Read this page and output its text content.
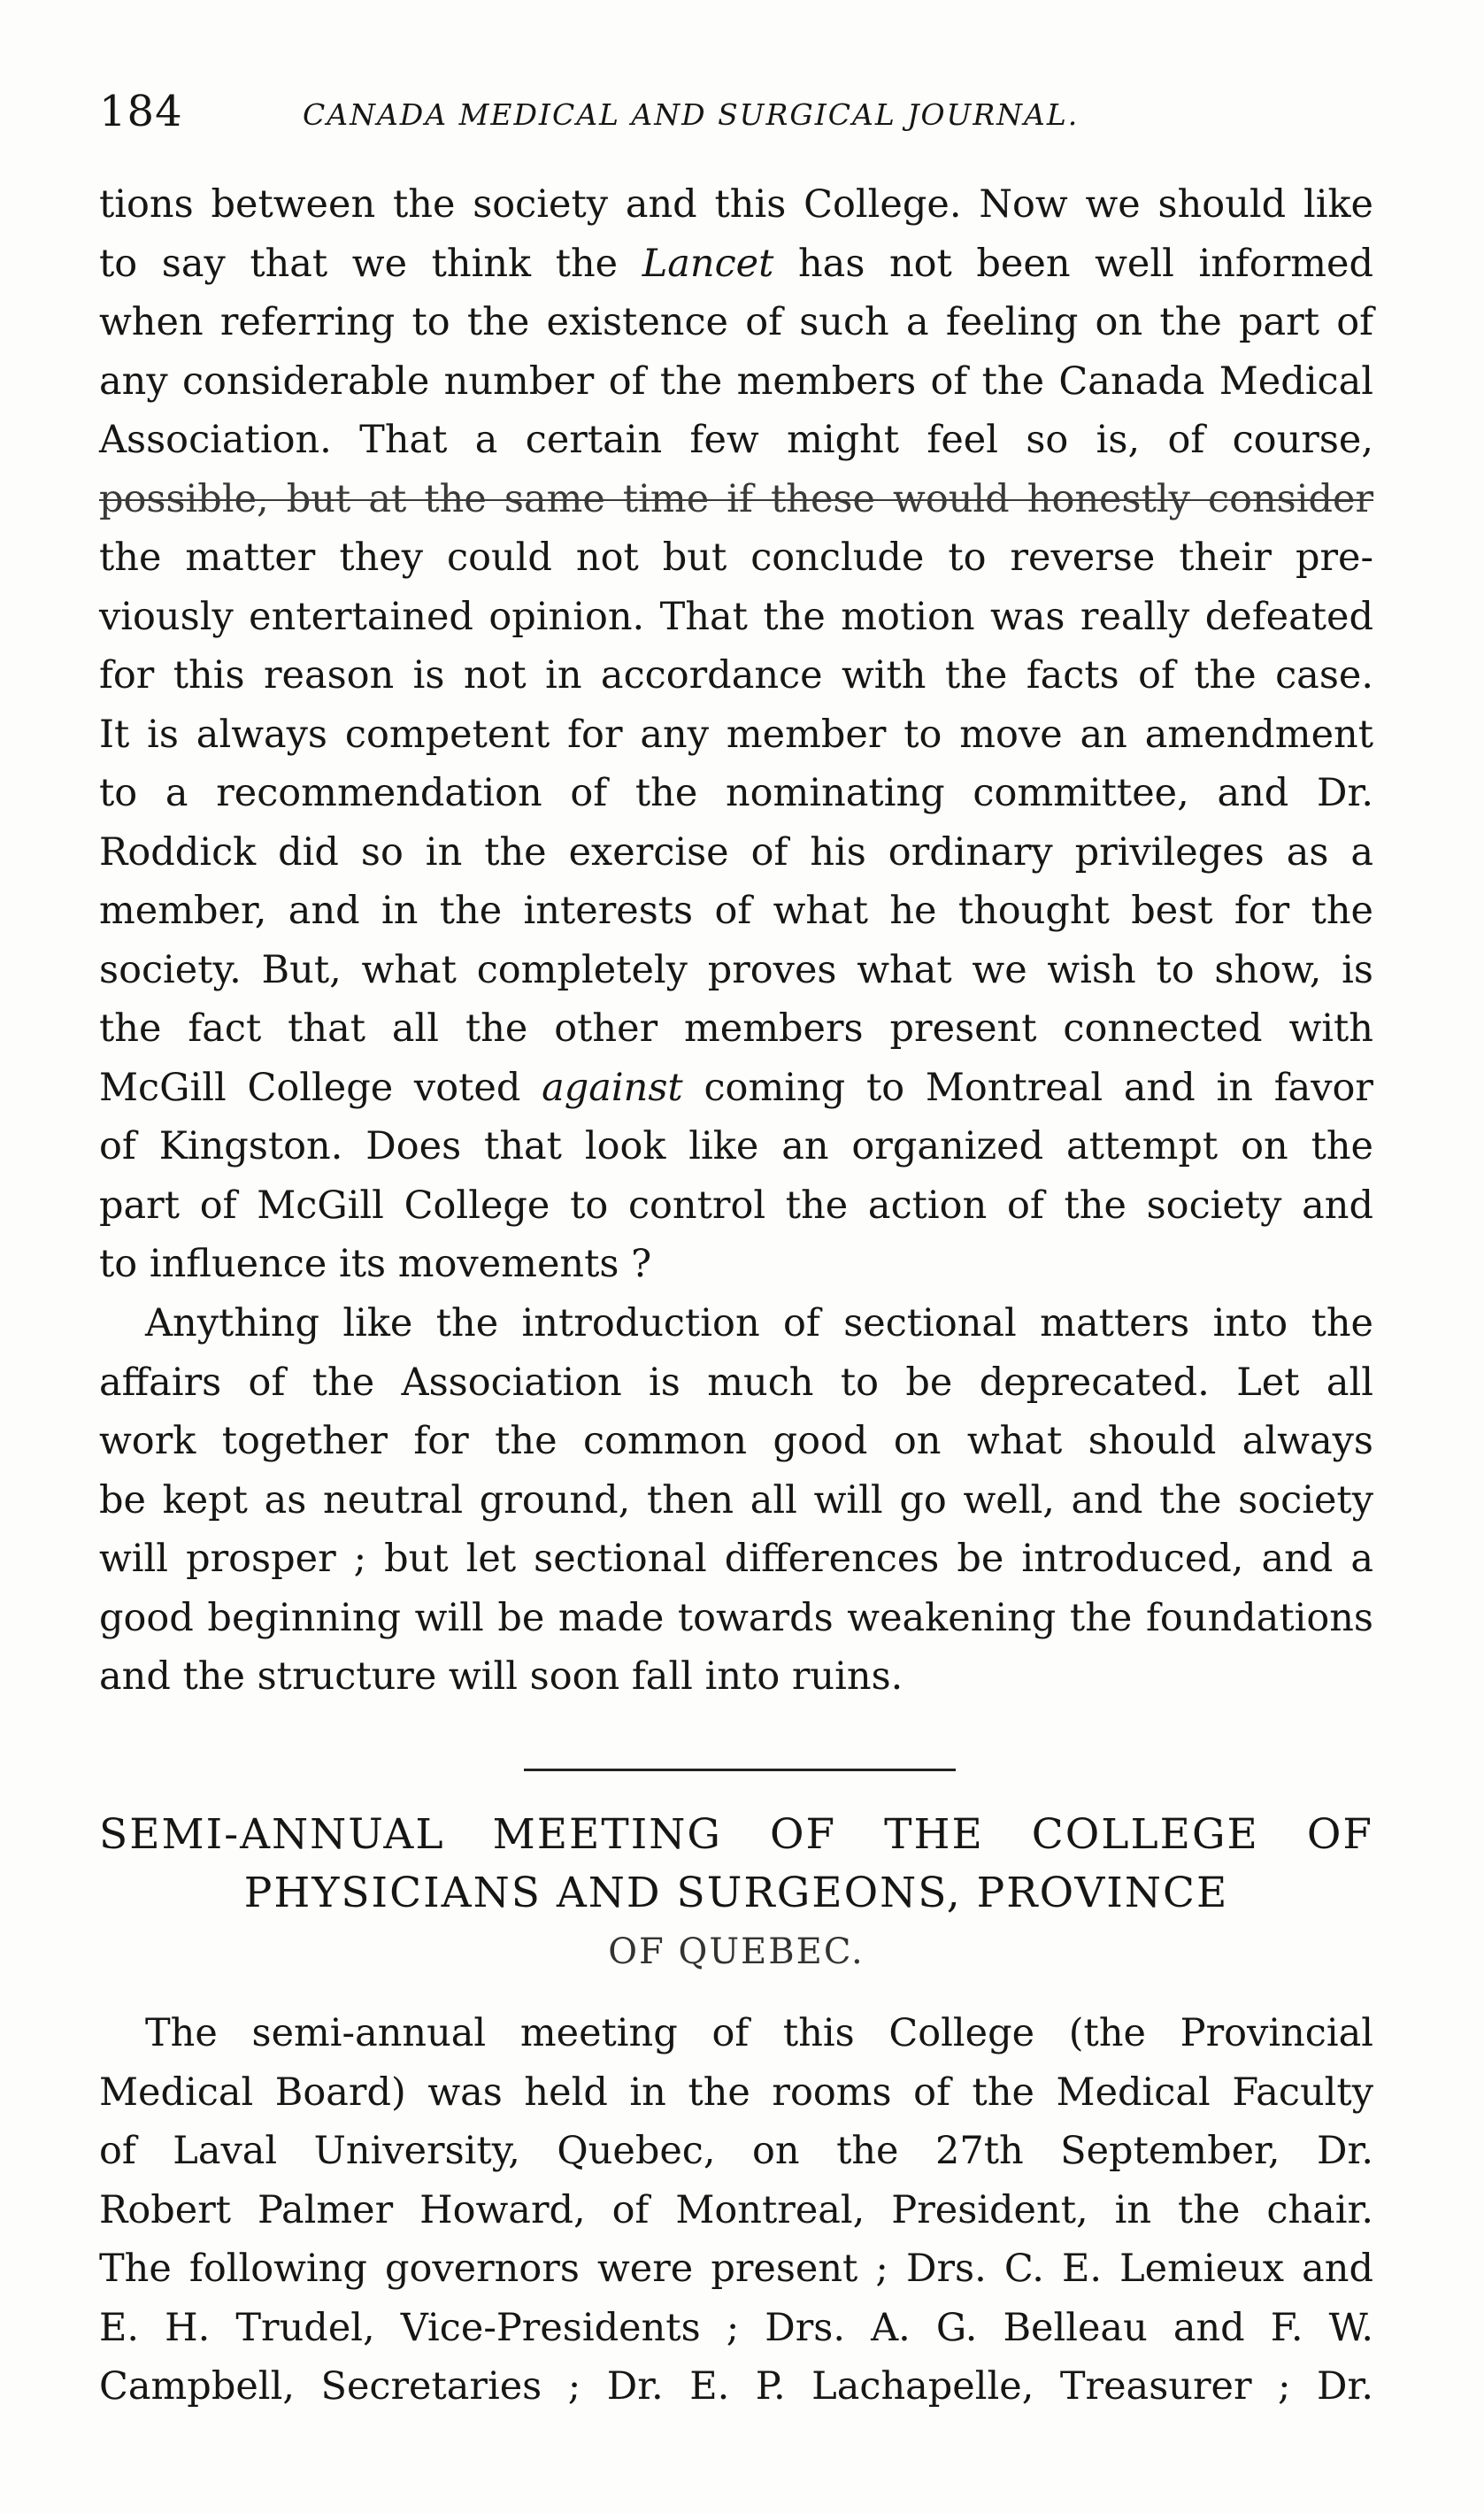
184	CANADA MEDICAL AND SURGICAL JOURNAL.
tions between the society and this College. Now we should like
to say that we think the Lancet has not been well informed
when referring to the existence of such a feeling on the part of
any considerable number of the members of the Canada Medical
Association. That a certain few might feel so is, of course,
possible, but at the same time if these would honestly consider
the matter they could not but conclude to reverse their pre-
viously entertained opinion. That the motion was really defeated
for this reason is not in accordance with the facts of the case.
It is always competent for any member to move an amendment
to a recommendation of the nominating committee, and Dr.
Roddick did so in the exercise of his ordinary privileges as a
member, and in the interests of what he thought best for the
society. But, what completely proves what we wish to show, is
the fact that all the other members present connected with
McGill College voted against coming to Montreal and in favor
of Kingston. Does that look like an organized attempt on the
part of McGill College to control the action of the society and
to influence its movements ?
Anything like the introduction of sectional matters into the
affairs of the Association is much to be deprecated. Let all
work together for the common good on what should always
be kept as neutral ground, then all will go well, and the society
will prosper ; but let sectional differences be introduced, and a
good beginning will be made towards weakening the foundations
and the structure will soon fall into ruins.
SEMI-ANNUAL MEETING OF THE COLLEGE OF
PHYSICIANS AND SURGEONS, PROVINCE
OF QUEBEC.
The semi-annual meeting of this College (the Provincial
Medical Board) was held in the rooms of the Medical Faculty
of Laval University, Quebec, on the 27th September, Dr.
Robert Palmer Howard, of Montreal, President, in the chair.
The following governors were present ; Drs. C. E. Lemieux and
E. H. Trudel, Vice-Presidents ; Drs. A. G. Belleau and F. W.
Campbell, Secretaries ; Dr. E. P. Lachapelle, Treasurer ; Dr.
